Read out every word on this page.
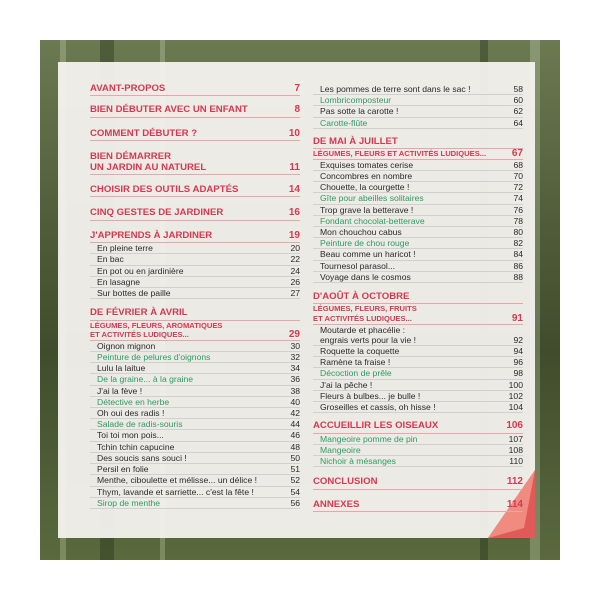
AVANT-PROPOS	7
BIEN DÉBUTER AVEC UN ENFANT	8
COMMENT DÉBUTER ?	10
BIEN DÉMARRER
UN JARDIN AU NATUREL	11
CHOISIR DES OUTILS ADAPTÉS	14
CINQ GESTES DE JARDINER	16
J'APPRENDS À JARDINER	19
En pleine terre	20
En bac	22
En pot ou en jardinière	24
En lasagne	26
Sur bottes de paille	27
DE FÉVRIER À AVRIL
LÉGUMES, FLEURS, AROMATIQUES
ET ACTIVITÉS LUDIQUES...	29
Oignon mignon	30
Peinture de pelures d'oignons	32
Lulu la laitue	34
De la graine... à la graine	36
J'ai la fève !	38
Détective en herbe	40
Oh oui des radis !	42
Salade de radis-souris	44
Toi toi mon pois...	46
Tchin tchin capucine	48
Des soucis sans souci !	50
Persil en folie	51
Menthe, ciboulette et mélisse... un délice !	52
Thym, lavande et sarriette... c'est la fête !	54
Sirop de menthe	56
Les pommes de terre sont dans le sac !	58
Lombricomposteur	60
Pas sotte la carotte !	62
Carotte-flûte	64
DE MAI À JUILLET
LÉGUMES, FLEURS ET ACTIVITÉS LUDIQUES...	67
Exquises tomates cerise	68
Concombres en nombre	70
Chouette, la courgette !	72
Gîte pour abeilles solitaires	74
Trop grave la betterave !	76
Fondant chocolat-betterave	78
Mon chouchou cabus	80
Peinture de chou rouge	82
Beau comme un haricot !	84
Tournesol parasol...	86
Voyage dans le cosmos	88
D'AOÛT À OCTOBRE
LÉGUMES, FLEURS, FRUITS
ET ACTIVITÉS LUDIQUES...	91
Moutarde et phacélie :
engrais verts pour la vie !	92
Roquette la coquette	94
Ramène ta fraise !	96
Décoction de prêle	98
J'ai la pêche !	100
Fleurs à bulbes... je bulle !	102
Groseilles et cassis, oh hisse !	104
ACCUEILLIR LES OISEAUX	106
Mangeoire pomme de pin	107
Mangeoire	108
Nichoir à mésanges	110
CONCLUSION	112
ANNEXES	114
